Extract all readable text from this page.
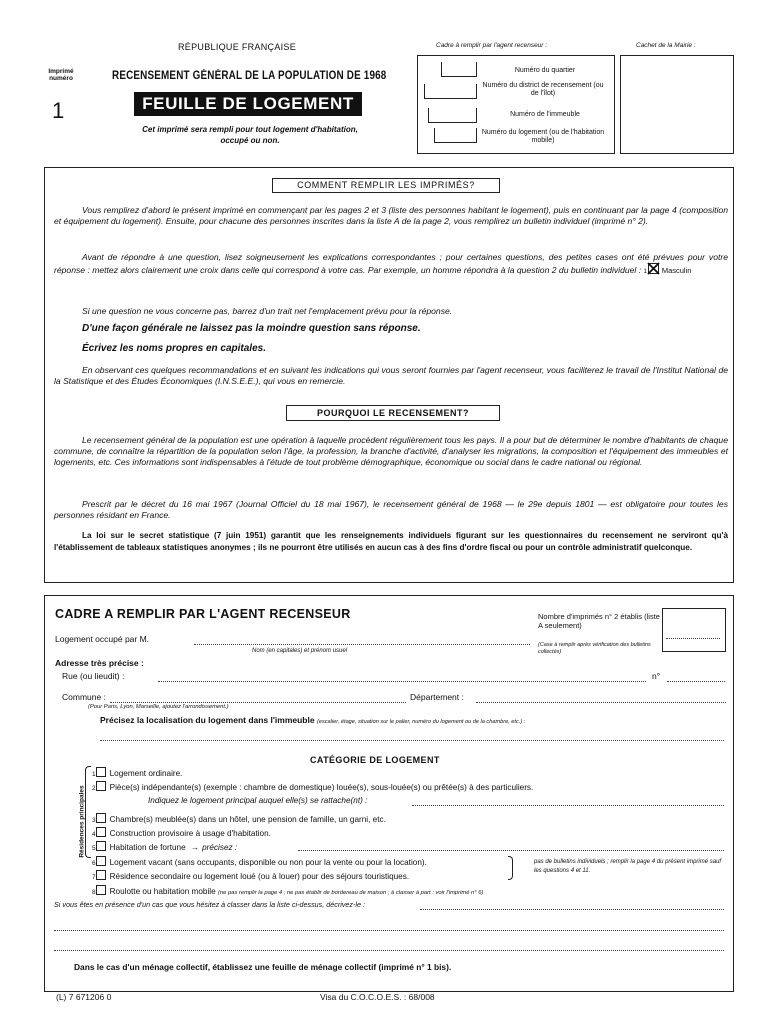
RÉPUBLIQUE FRANÇAISE
Imprimé numéro
1
RECENSEMENT GÉNÉRAL DE LA POPULATION DE 1968
FEUILLE DE LOGEMENT
Cet imprimé sera rempli pour tout logement d'habitation, occupé ou non.
Cadre à remplir par l'agent recenseur :	Cachet de la Mairie :
Numéro du quartier
Numéro du district de recensement (ou de l'îlot)
Numéro de l'immeuble
Numéro du logement (ou de l'habitation mobile)
COMMENT REMPLIR LES IMPRIMÉS?
Vous remplirez d'abord le présent imprimé en commençant par les pages 2 et 3 (liste des personnes habitant le logement), puis en continuant par la page 4 (composition et équipement du logement). Ensuite, pour chacune des personnes inscrites dans la liste A de la page 2, vous remplirez un bulletin individuel (imprimé n° 2).
Avant de répondre à une question, lisez soigneusement les explications correspondantes ; pour certaines questions, des petites cases ont été prévues pour votre réponse : mettez alors clairement une croix dans celle qui correspond à votre cas. Par exemple, un homme répondra à la question 2 du bulletin individuel : 1 Masculin
Si une question ne vous concerne pas, barrez d'un trait net l'emplacement prévu pour la réponse.
D'une façon générale ne laissez pas la moindre question sans réponse.
Écrivez les noms propres en capitales.
En observant ces quelques recommandations et en suivant les indications qui vous seront fournies par l'agent recenseur, vous faciliterez le travail de l'Institut National de la Statistique et des Études Économiques (I.N.S.E.E.), qui vous en remercie.
POURQUOI LE RECENSEMENT?
Le recensement général de la population est une opération à laquelle procèdent régulièrement tous les pays. Il a pour but de déterminer le nombre d'habitants de chaque commune, de connaître la répartition de la population selon l'âge, la profession, la branche d'activité, d'analyser les migrations, la composition et l'équipement des immeubles et logements, etc. Ces informations sont indispensables à l'étude de tout problème démographique, économique ou social dans le cadre national ou régional.
Prescrit par le décret du 16 mai 1967 (Journal Officiel du 18 mai 1967), le recensement général de 1968 — le 29e depuis 1801 — est obligatoire pour toutes les personnes résidant en France.
La loi sur le secret statistique (7 juin 1951) garantit que les renseignements individuels figurant sur les questionnaires du recensement ne serviront qu'à l'établissement de tableaux statistiques anonymes ; ils ne pourront être utilisés en aucun cas à des fins d'ordre fiscal ou pour un contrôle administratif quelconque.
CADRE A REMPLIR PAR L'AGENT RECENSEUR	Nombre d'imprimés n° 2 établis (liste A seulement)
(Case à remplir après vérification des bulletins collectés)
Logement occupé par M.
Nom (en capitales) et prénom usuel
Adresse très précise :
Rue (ou lieudit) :	n°
Commune :
(Pour Paris, Lyon, Marseille, ajoutez l'arrondissement.)
Département :
Précisez la localisation du logement dans l'immeuble (escalier, étage, situation sur le palier, numéro du logement ou de la chambre, etc.) :
CATÉGORIE DE LOGEMENT
Résidences principales
1 Logement ordinaire.
2 Pièce(s) indépendante(s) (exemple : chambre de domestique) louée(s), sous-louée(s) ou prêtée(s) à des particuliers.
Indiquez le logement principal auquel elle(s) se rattache(nt) :
3 Chambre(s) meublée(s) dans un hôtel, une pension de famille, un garni, etc.
4 Construction provisoire à usage d'habitation.
5 Habitation de fortune → précisez :
6 Logement vacant (sans occupants, disponible ou non pour la vente ou pour la location).
7 Résidence secondaire ou logement loué (ou à louer) pour des séjours touristiques.
pas de bulletins individuels ; remplir la page 4 du présent imprimé sauf les questions 4 et 11.
8 Roulotte ou habitation mobile (ne pas remplir la page 4 ; ne pas établir de bordereau de maison ; à classer à part : voir l'imprimé n° 6)
Si vous êtes en présence d'un cas que vous hésitez à classer dans la liste ci-dessus, décrivez-le :
Dans le cas d'un ménage collectif, établissez une feuille de ménage collectif (imprimé n° 1 bis).
(L) 7 671206 0	Visa du C.O.C.O.E.S. : 68/008
